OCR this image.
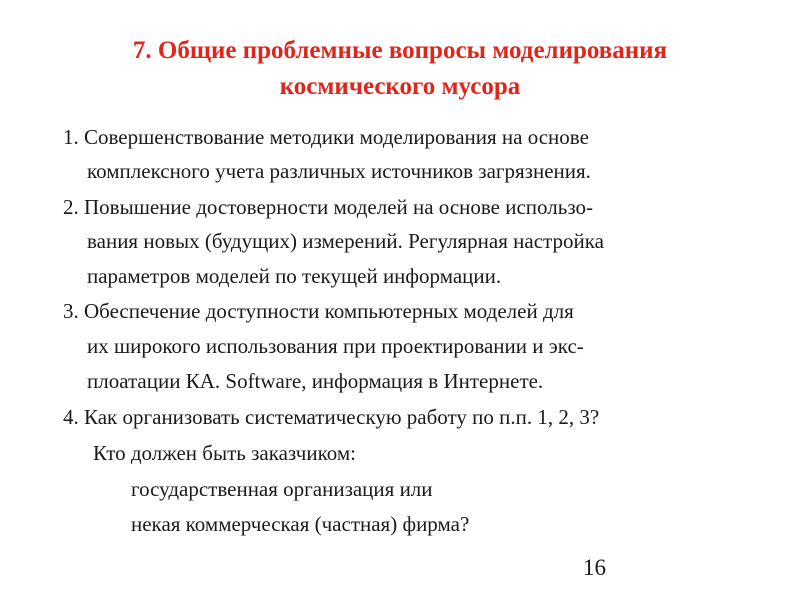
7. Общие проблемные вопросы моделирования
космического мусора
1. Совершенствование методики моделирования на основе
комплексного учета различных источников загрязнения.
2. Повышение достоверности моделей на основе использо-
вания новых (будущих) измерений. Регулярная настройка
параметров моделей по текущей информации.
3. Обеспечение доступности компьютерных моделей для
их широкого использования при проектировании и экс-
плоатации КА. Software, информация в Интернете.
4. Как организовать систематическую работу по п.п. 1, 2, 3?
Кто должен быть заказчиком:
государственная организация или
некая коммерческая (частная) фирма?
16
